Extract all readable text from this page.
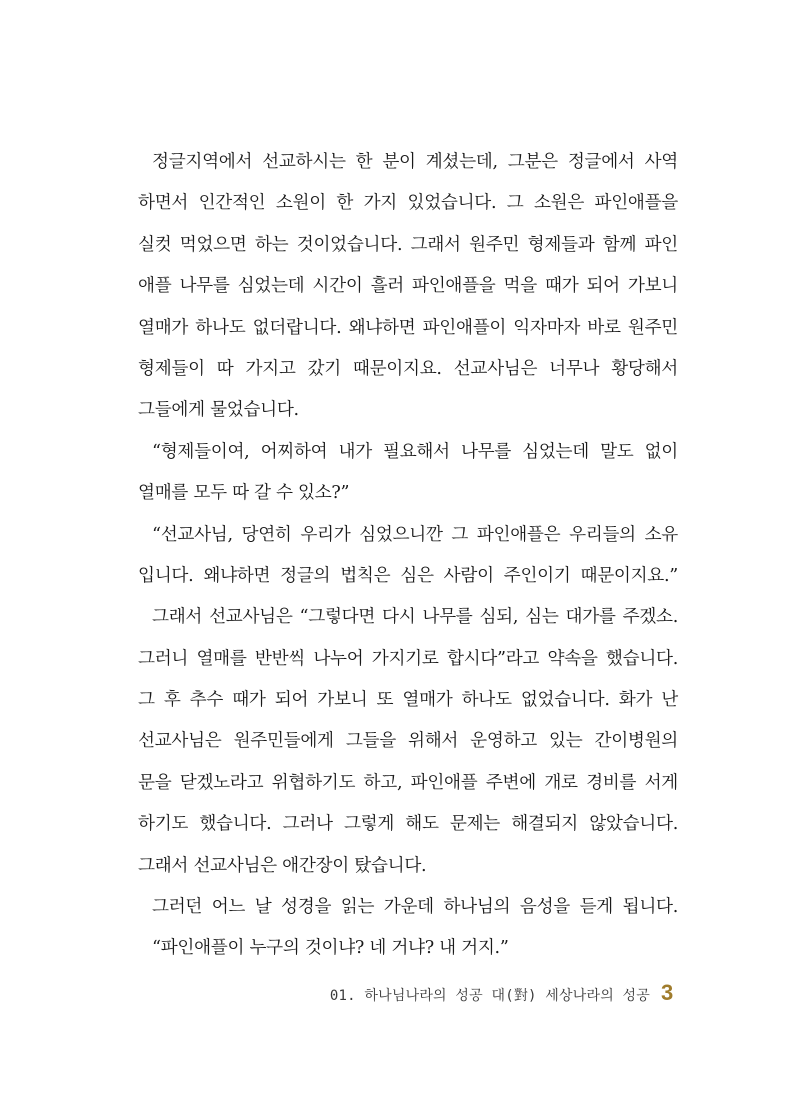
정글지역에서 선교하시는 한 분이 계셨는데, 그분은 정글에서 사역
하면서 인간적인 소원이 한 가지 있었습니다. 그 소원은 파인애플을
실컷 먹었으면 하는 것이었습니다. 그래서 원주민 형제들과 함께 파인
애플 나무를 심었는데 시간이 흘러 파인애플을 먹을 때가 되어 가보니
열매가 하나도 없더랍니다. 왜냐하면 파인애플이 익자마자 바로 원주민
형제들이 따 가지고 갔기 때문이지요. 선교사님은 너무나 황당해서
그들에게 물었습니다.
“형제들이여, 어찌하여 내가 필요해서 나무를 심었는데 말도 없이
열매를 모두 따 갈 수 있소?”
“선교사님, 당연히 우리가 심었으니깐 그 파인애플은 우리들의 소유
입니다. 왜냐하면 정글의 법칙은 심은 사람이 주인이기 때문이지요.”
그래서 선교사님은 “그렇다면 다시 나무를 심되, 심는 대가를 주겠소.
그러니 열매를 반반씩 나누어 가지기로 합시다”라고 약속을 했습니다.
그 후 추수 때가 되어 가보니 또 열매가 하나도 없었습니다. 화가 난
선교사님은 원주민들에게 그들을 위해서 운영하고 있는 간이병원의
문을 닫겠노라고 위협하기도 하고, 파인애플 주변에 개로 경비를 서게
하기도 했습니다. 그러나 그렇게 해도 문제는 해결되지 않았습니다.
그래서 선교사님은 애간장이 탔습니다.
그러던 어느 날 성경을 읽는 가운데 하나님의 음성을 듣게 됩니다.
“파인애플이 누구의 것이냐? 네 거냐? 내 거지.”
01. 하나님나라의 성공 대(對) 세상나라의 성공 3
